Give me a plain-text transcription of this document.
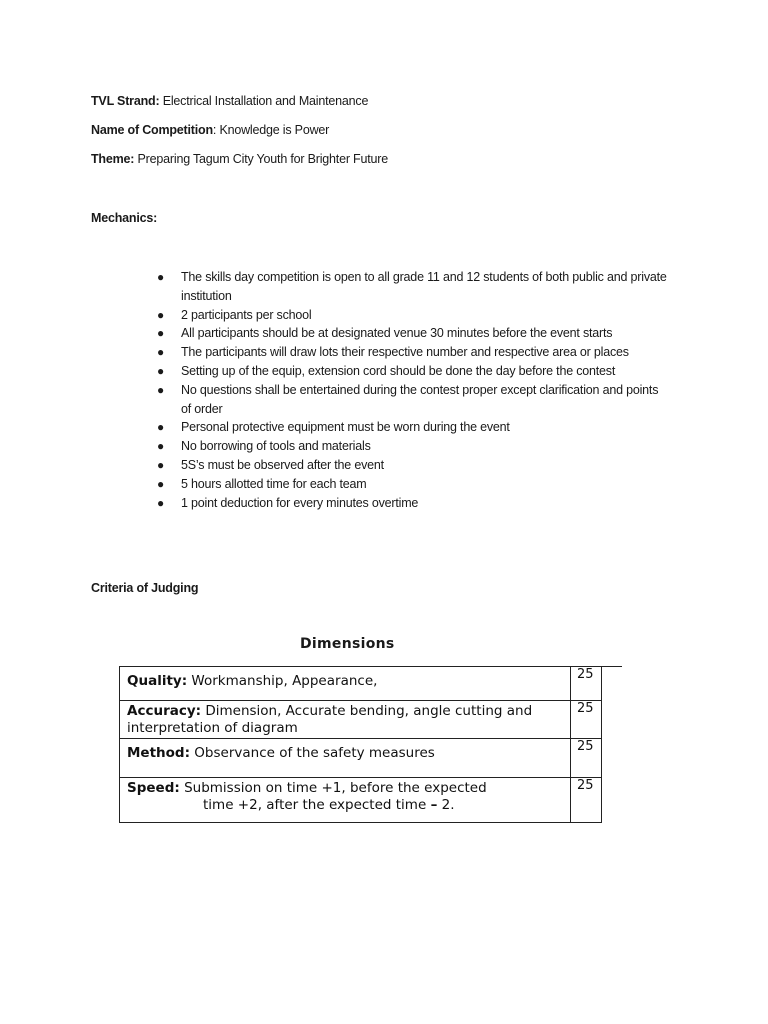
TVL Strand: Electrical Installation and Maintenance
Name of Competition: Knowledge is Power
Theme: Preparing Tagum City Youth for Brighter Future
Mechanics:
● The skills day competition is open to all grade 11 and 12 students of both public and private institution
● 2 participants per school
● All participants should be at designated venue 30 minutes before the event starts
● The participants will draw lots their respective number and respective area or places
● Setting up of the equip, extension cord should be done the day before the contest
● No questions shall be entertained during the contest proper except clarification and points of order
● Personal protective equipment must be worn during the event
● No borrowing of tools and materials
● 5S’s must be observed after the event
● 5 hours allotted time for each team
● 1 point deduction for every minutes overtime
Criteria of Judging
Dimensions
Quality: Workmanship, Appearance,	25
Accuracy: Dimension, Accurate bending, angle cutting and interpretation of diagram	25
Method: Observance of the safety measures	25
Speed: Submission on time +1, before the expected
time +2, after the expected time – 2.	25
